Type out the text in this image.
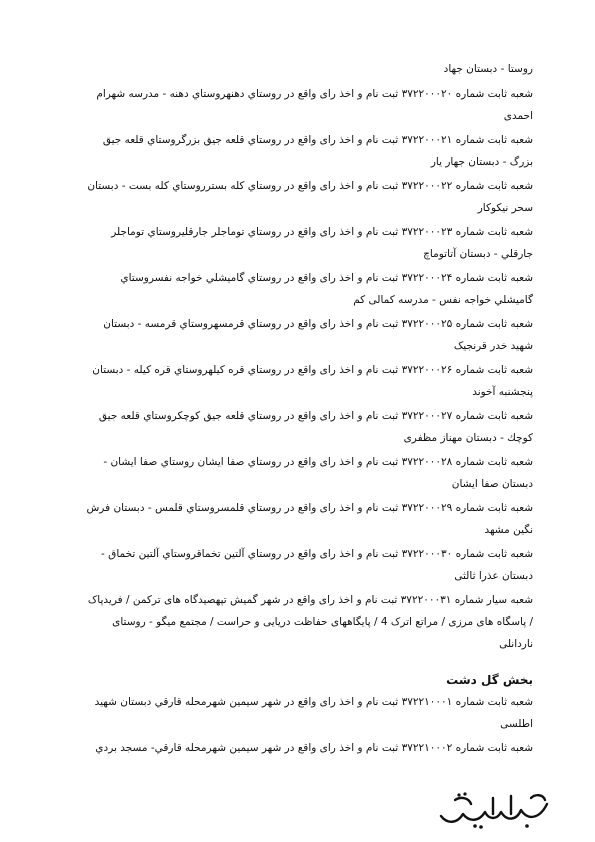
روستا - دبستان جهاد
شعبه ثابت شماره ۳۷۲۲۰۰۰۲۰ ثبت نام و اخذ رای واقع در روستاي دهنهروستاي دهنه - مدرسه شهرام
احمدی
شعبه ثابت شماره ۳۷۲۲۰۰۰۲۱ ثبت نام و اخذ رای واقع در روستاي قلعه جيق بزرگروستاي قلعه جيق
بزرگ - دبستان جهار یار
شعبه ثابت شماره ۳۷۲۲۰۰۰۲۲ ثبت نام و اخذ رای واقع در روستاي كله بسترروستاي كله بست - دبستان
سحر نیکوکار
شعبه ثابت شماره ۳۷۲۲۰۰۰۲۳ ثبت نام و اخذ رای واقع در روستاي توماجلر جارقليروستاي توماجلر
جارقلي - دبستان آتاتوماچ
شعبه ثابت شماره ۳۷۲۲۰۰۰۲۴ ثبت نام و اخذ رای واقع در روستاي گاميشلي خواجه نفسروستاي
گاميشلي خواجه نفس - مدرسه کمالی کم
شعبه ثابت شماره ۳۷۲۲۰۰۰۲۵ ثبت نام و اخذ رای واقع در روستاي قرمسهروستاي قرمسه - دبستان
شهید خدر قرنجیک
شعبه ثابت شماره ۳۷۲۲۰۰۰۲۶ ثبت نام و اخذ رای واقع در روستاي قره كيلهروستاي قره كيله - دبستان
پنجشنبه آخوند
شعبه ثابت شماره ۳۷۲۲۰۰۰۲۷ ثبت نام و اخذ رای واقع در روستاي قلعه جيق كوچكروستاي قلعه جيق
كوچك - دبستان مهناز مظفری
شعبه ثابت شماره ۳۷۲۲۰۰۰۲۸ ثبت نام و اخذ رای واقع در روستاي صفا ايشان روستاي صفا ايشان -
دبستان صفا ایشان
شعبه ثابت شماره ۳۷۲۲۰۰۰۲۹ ثبت نام و اخذ رای واقع در روستاي قلمسروستاي قلمس - دبستان فرش
نگین مشهد
شعبه ثابت شماره ۳۷۲۲۰۰۰۳۰ ثبت نام و اخذ رای واقع در روستاي آلتين تخماقروستاي آلتين تخماق -
دبستان عذرا ثالثی
شعبه سيار شماره ۳۷۲۲۰۰۰۳۱ ثبت نام و اخذ رای واقع در شهر گمیش تپهصیدگاه های ترکمن / فریدپاک
/ پاسگاه های مرزی / مراتع اترک 4 / پایگاههای حفاظت دریایی و حراست / مجتمع میگو - روستای
ناردانلی
بخش گل دشت
شعبه ثابت شماره ۳۷۲۲۱۰۰۰۱ ثبت نام و اخذ رای واقع در شهر سيمين شهرمحله قارقي دبستان شهيد
اطلسی
شعبه ثابت شماره ۳۷۲۲۱۰۰۰۲ ثبت نام و اخذ رای واقع در شهر سيمين شهرمحله قارقي- مسجد بردي
